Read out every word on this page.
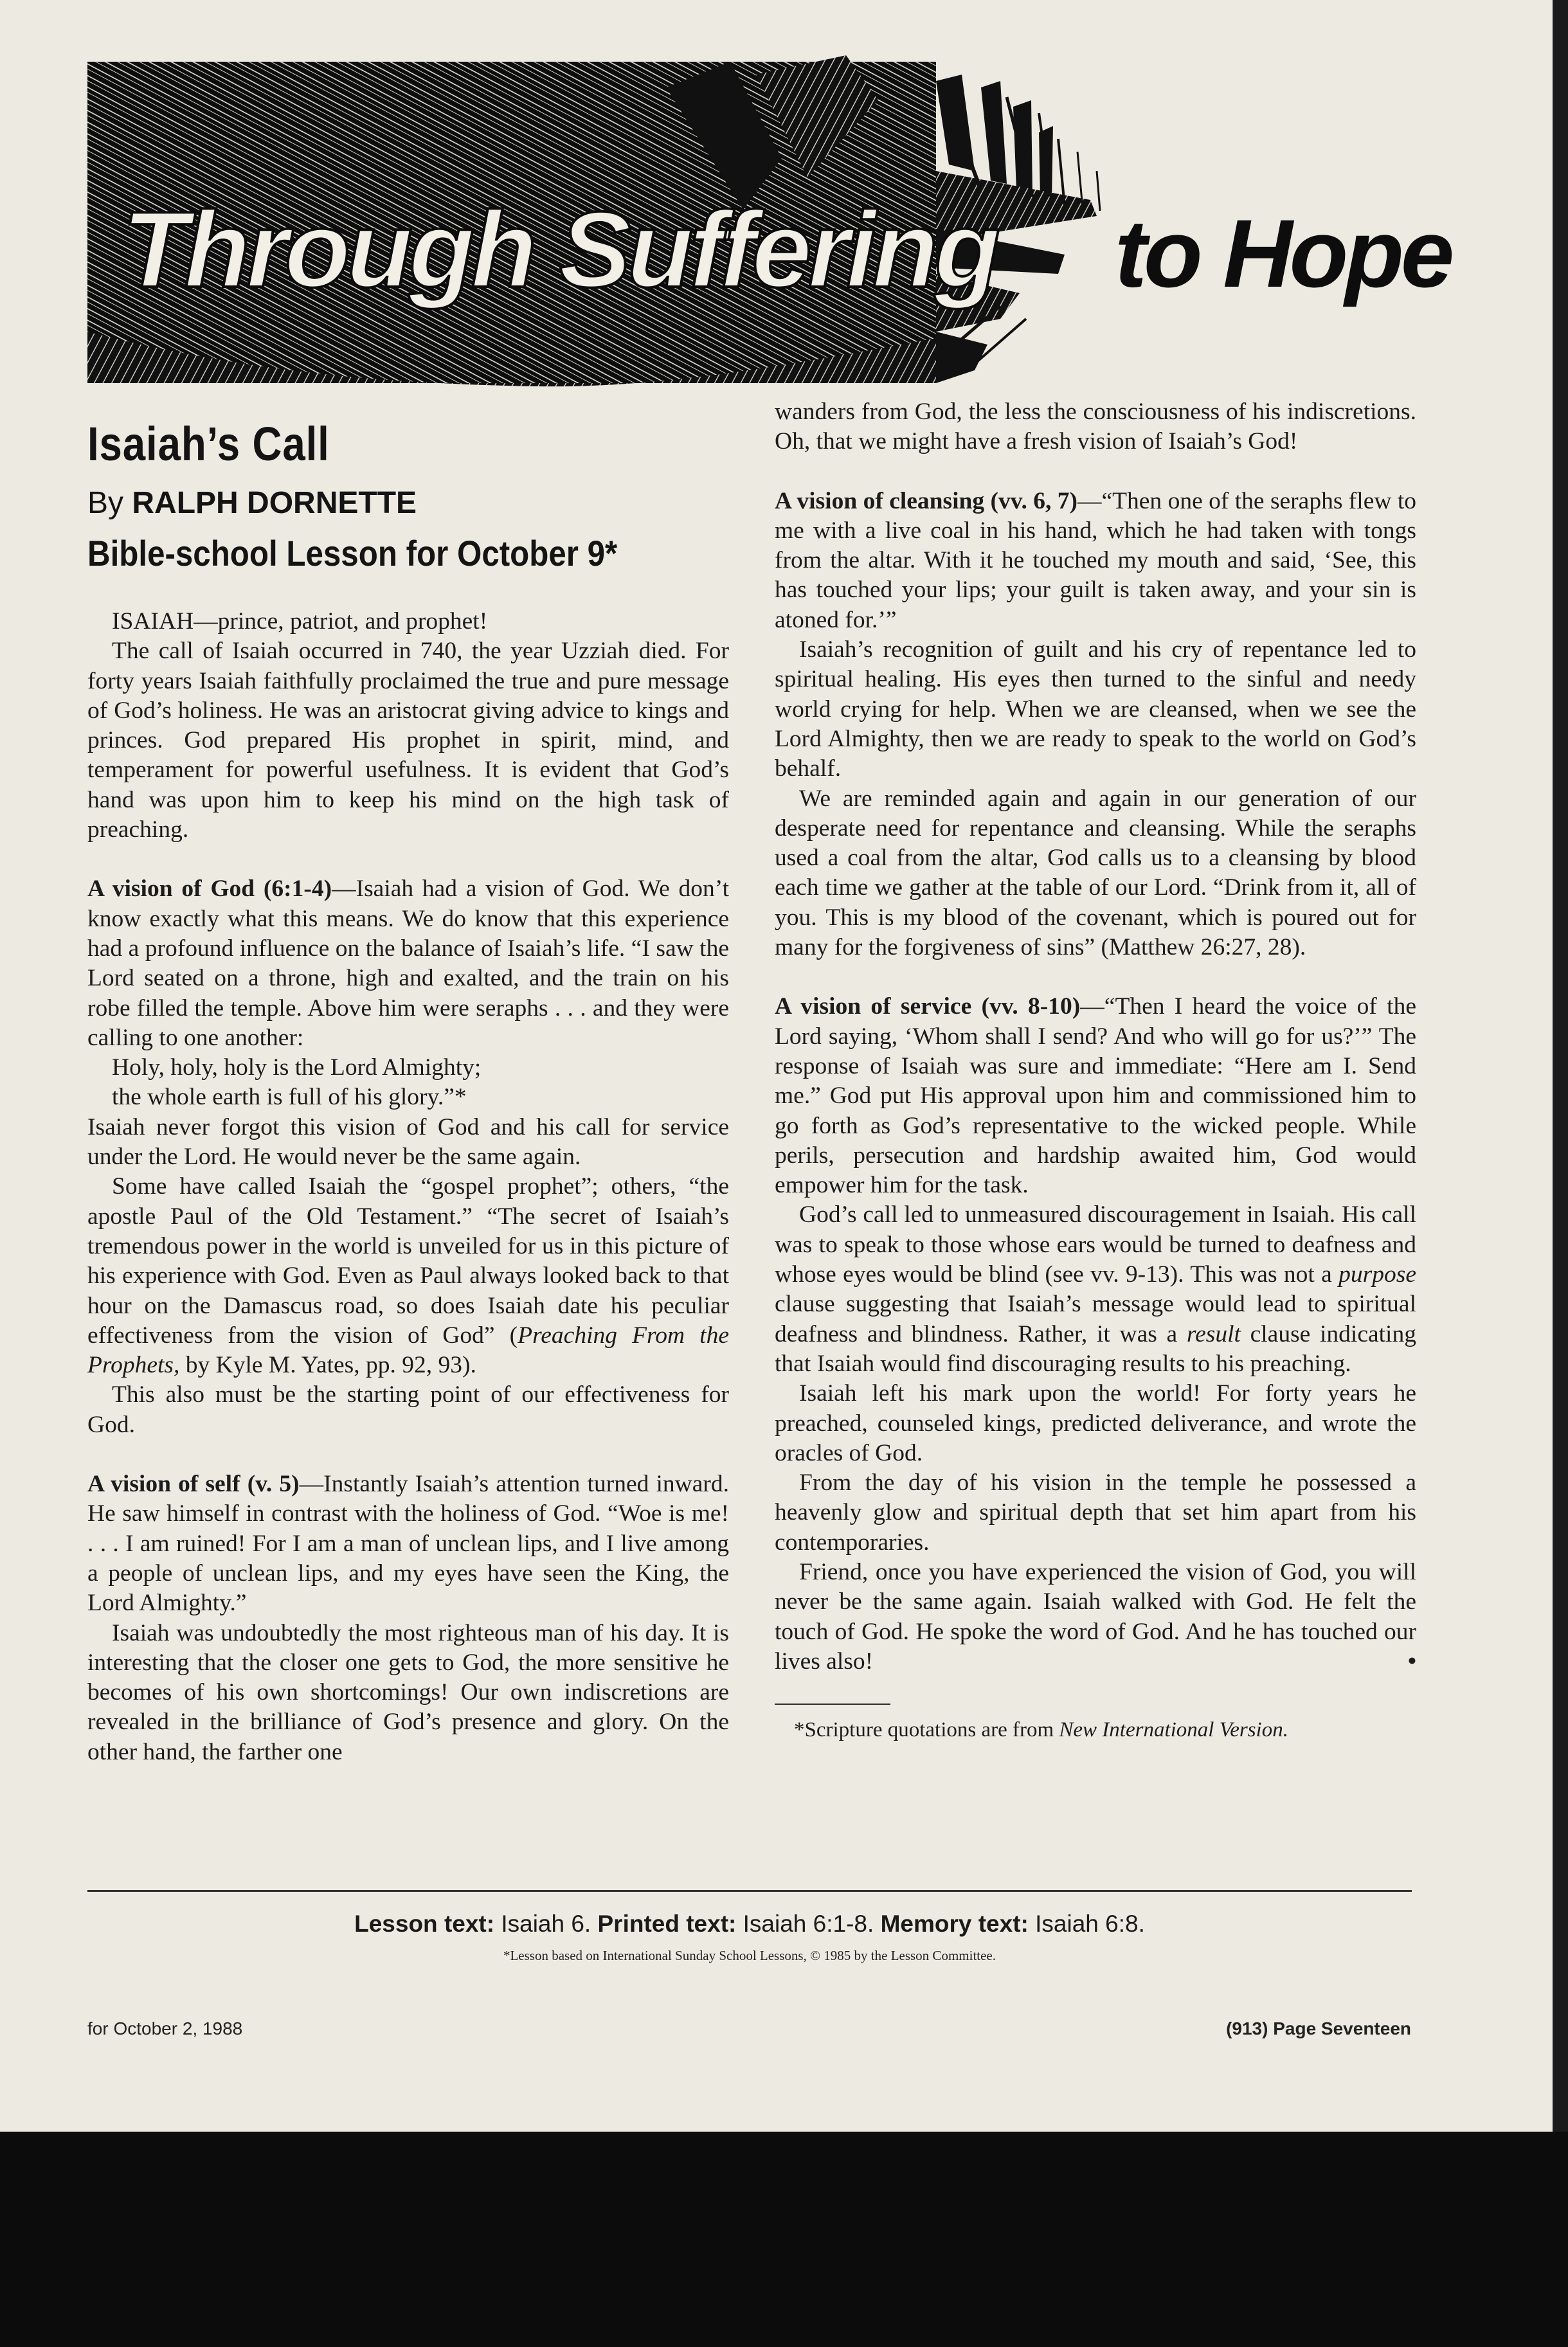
Through Suffering to Hope
Isaiah’s Call
By RALPH DORNETTE
Bible-school Lesson for October 9*

ISAIAH—prince, patriot, and prophet!

The call of Isaiah occurred in 740, the year Uzziah died. For forty years Isaiah faithfully proclaimed the true and pure message of God’s holiness. He was an aristocrat giving advice to kings and princes. God prepared His prophet in spirit, mind, and temperament for powerful usefulness. It is evident that God’s hand was upon him to keep his mind on the high task of preaching.

A vision of God (6:1-4)—Isaiah had a vision of God. We don’t know exactly what this means. We do know that this experience had a profound influence on the balance of Isaiah’s life. “I saw the Lord seated on a throne, high and exalted, and the train on his robe filled the temple. Above him were seraphs . . . and they were calling to one another:

Holy, holy, holy is the Lord Almighty;

the whole earth is full of his glory.”*

Isaiah never forgot this vision of God and his call for service under the Lord. He would never be the same again.

Some have called Isaiah the “gospel prophet”; others, “the apostle Paul of the Old Testament.” “The secret of Isaiah’s tremendous power in the world is unveiled for us in this picture of his experience with God. Even as Paul always looked back to that hour on the Damascus road, so does Isaiah date his peculiar effectiveness from the vision of God” (Preaching From the Prophets, by Kyle M. Yates, pp. 92, 93).

This also must be the starting point of our effectiveness for God.

A vision of self (v. 5)—Instantly Isaiah’s attention turned inward. He saw himself in contrast with the holiness of God. “Woe is me! . . . I am ruined! For I am a man of unclean lips, and I live among a people of unclean lips, and my eyes have seen the King, the Lord Almighty.”

Isaiah was undoubtedly the most righteous man of his day. It is interesting that the closer one gets to God, the more sensitive he becomes of his own shortcomings! Our own indiscretions are revealed in the brilliance of God’s presence and glory. On the other hand, the farther one

wanders from God, the less the consciousness of his indiscretions. Oh, that we might have a fresh vision of Isaiah’s God!

A vision of cleansing (vv. 6, 7)—“Then one of the seraphs flew to me with a live coal in his hand, which he had taken with tongs from the altar. With it he touched my mouth and said, ‘See, this has touched your lips; your guilt is taken away, and your sin is atoned for.’”

Isaiah’s recognition of guilt and his cry of repentance led to spiritual healing. His eyes then turned to the sinful and needy world crying for help. When we are cleansed, when we see the Lord Almighty, then we are ready to speak to the world on God’s behalf.

We are reminded again and again in our generation of our desperate need for repentance and cleansing. While the seraphs used a coal from the altar, God calls us to a cleansing by blood each time we gather at the table of our Lord. “Drink from it, all of you. This is my blood of the covenant, which is poured out for many for the forgiveness of sins” (Matthew 26:27, 28).

A vision of service (vv. 8-10)—“Then I heard the voice of the Lord saying, ‘Whom shall I send? And who will go for us?’” The response of Isaiah was sure and immediate: “Here am I. Send me.” God put His approval upon him and commissioned him to go forth as God’s representative to the wicked people. While perils, persecution and hardship awaited him, God would empower him for the task.

God’s call led to unmeasured discouragement in Isaiah. His call was to speak to those whose ears would be turned to deafness and whose eyes would be blind (see vv. 9-13). This was not a purpose clause suggesting that Isaiah’s message would lead to spiritual deafness and blindness. Rather, it was a result clause indicating that Isaiah would find discouraging results to his preaching.

Isaiah left his mark upon the world! For forty years he preached, counseled kings, predicted deliverance, and wrote the oracles of God.

From the day of his vision in the temple he possessed a heavenly glow and spiritual depth that set him apart from his contemporaries.

Friend, once you have experienced the vision of God, you will never be the same again. Isaiah walked with God. He felt the touch of God. He spoke the word of God. And he has touched our lives also!	•

*Scripture quotations are from New International Version.

Lesson text: Isaiah 6. Printed text: Isaiah 6:1-8. Memory text: Isaiah 6:8.
*Lesson based on International Sunday School Lessons, © 1985 by the Lesson Committee.
for October 2, 1988	(913) Page Seventeen
